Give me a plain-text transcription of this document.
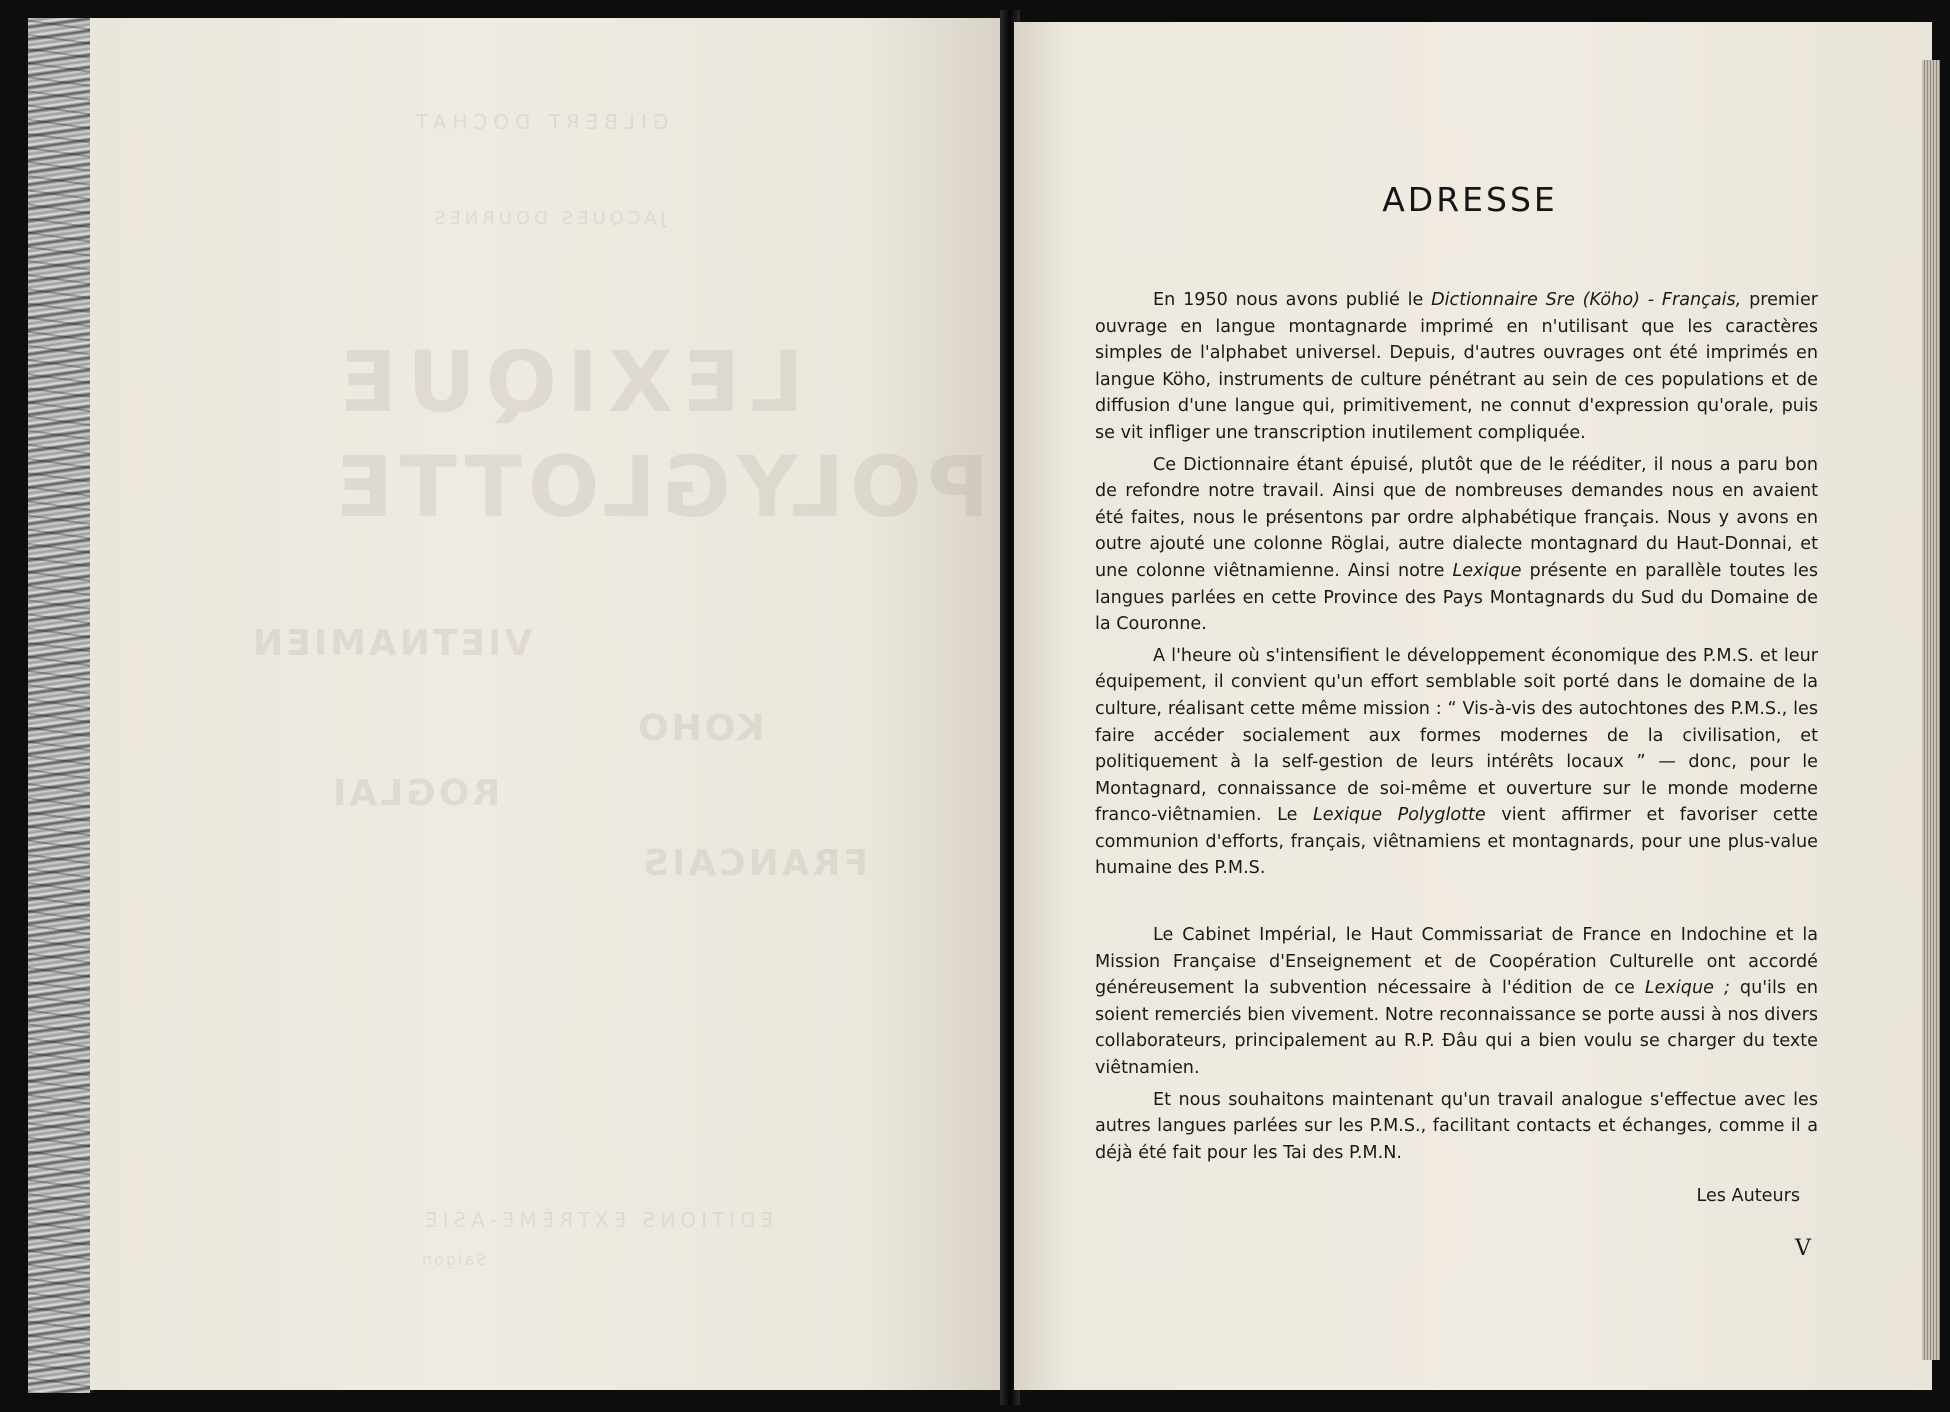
GILBERT DOCHAT
JACQUES DOURNES
LEXIQUE
POLYGLOTTE
VIETNAMIEN
KOHO
ROGLAI
FRANCAIS
EDITIONS EXTRÊME-ASIE
Saigon
ADRESSE

En 1950 nous avons publié le Dictionnaire Sre (Köho) - Français, premier ouvrage en langue montagnarde imprimé en n'utilisant que les caractères simples de l'alphabet universel. Depuis, d'autres ouvrages ont été imprimés en langue Köho, instruments de culture pénétrant au sein de ces populations et de diffusion d'une langue qui, primitivement, ne connut d'expression qu'orale, puis se vit infliger une transcription inutilement compliquée.

Ce Dictionnaire étant épuisé, plutôt que de le rééditer, il nous a paru bon de refondre notre travail. Ainsi que de nombreuses demandes nous en avaient été faites, nous le présentons par ordre alphabétique français. Nous y avons en outre ajouté une colonne Röglai, autre dialecte montagnard du Haut-Donnai, et une colonne viêtnamienne. Ainsi notre Lexique présente en parallèle toutes les langues parlées en cette Province des Pays Montagnards du Sud du Domaine de la Couronne.

A l'heure où s'intensifient le développement économique des P.M.S. et leur équipement, il convient qu'un effort semblable soit porté dans le domaine de la culture, réalisant cette même mission : “ Vis-à-vis des autochtones des P.M.S., les faire accéder socialement aux formes modernes de la civilisation, et politiquement à la self-gestion de leurs intérêts locaux ” — donc, pour le Montagnard, connaissance de soi-même et ouverture sur le monde moderne franco-viêtnamien. Le Lexique Polyglotte vient affirmer et favoriser cette communion d'efforts, français, viêtnamiens et montagnards, pour une plus-value humaine des P.M.S.

Le Cabinet Impérial, le Haut Commissariat de France en Indochine et la Mission Française d'Enseignement et de Coopération Culturelle ont accordé généreusement la subvention nécessaire à l'édition de ce Lexique ; qu'ils en soient remerciés bien vivement. Notre reconnaissance se porte aussi à nos divers collaborateurs, principalement au R.P. Đâu qui a bien voulu se charger du texte viêtnamien.

Et nous souhaitons maintenant qu'un travail analogue s'effectue avec les autres langues parlées sur les P.M.S., facilitant contacts et échanges, comme il a déjà été fait pour les Tai des P.M.N.

Les Auteurs
V
